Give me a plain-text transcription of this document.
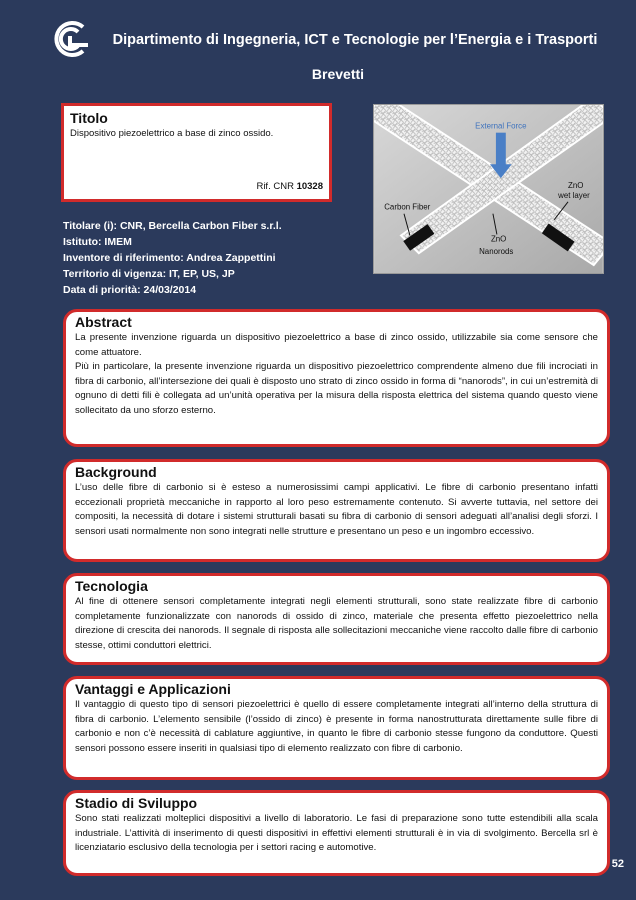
Dipartimento di Ingegneria, ICT e Tecnologie per l’Energia e i Trasporti
Brevetti
Titolo
Dispositivo piezoelettrico a base di zinco ossido.
Rif. CNR 10328
External Force
Carbon Fiber
ZnO
wet layer
ZnO
Nanorods
Titolare (i): CNR, Bercella Carbon Fiber s.r.l.
Istituto: IMEM
Inventore di riferimento: Andrea Zappettini
Territorio di vigenza: IT, EP, US, JP
Data di priorità: 24/03/2014
Abstract
La presente invenzione riguarda un dispositivo piezoelettrico a base di zinco ossido, utilizzabile sia come sensore che come attuatore.
Più in particolare, la presente invenzione riguarda un dispositivo piezoelettrico comprendente almeno due fili incrociati in fibra di carbonio, all’intersezione dei quali è disposto uno strato di zinco ossido in forma di “nanorods”, in cui un’estremità di ognuno di detti fili è collegata ad un’unità operativa per la misura della risposta elettrica del sistema quando questo viene sollecitato da uno sforzo esterno.
Background
L’uso delle fibre di carbonio si è esteso a numerosissimi campi applicativi. Le fibre di carbonio presentano infatti eccezionali proprietà meccaniche in rapporto al loro peso estremamente contenuto. Si avverte tuttavia, nel settore dei compositi, la necessità di dotare i sistemi strutturali basati su fibra di carbonio di sensori adeguati all’analisi degli sforzi. I sensori usati normalmente non sono integrati nelle strutture e presentano un peso e un ingombro eccessivo.
Tecnologia
Al fine di ottenere sensori completamente integrati negli elementi strutturali, sono state realizzate fibre di carbonio completamente funzionalizzate con nanorods di ossido di zinco, materiale che presenta effetto piezoelettrico nella direzione di crescita dei nanorods. Il segnale di risposta alle sollecitazioni meccaniche viene raccolto dalle fibre di carbonio stesse, ottimi conduttori elettrici.
Vantaggi e Applicazioni
Il vantaggio di questo tipo di sensori piezoelettrici è quello di essere completamente integrati all’interno della struttura di fibra di carbonio. L’elemento sensibile (l’ossido di zinco) è presente in forma nanostrutturata direttamente sulle fibre di carbonio e non c’è necessità di cablature aggiuntive, in quanto le fibre di carbonio stesse fungono da conduttore. Questi sensori possono essere inseriti in qualsiasi tipo di elemento realizzato con fibre di carbonio.
Stadio di Sviluppo
Sono stati realizzati molteplici dispositivi a livello di laboratorio. Le fasi di preparazione sono tutte estendibili alla scala industriale. L’attività di inserimento di questi dispositivi in effettivi elementi strutturali è in via di svolgimento. Bercella srl è licenziatario esclusivo della tecnologia per i settori racing e automotive.
52
